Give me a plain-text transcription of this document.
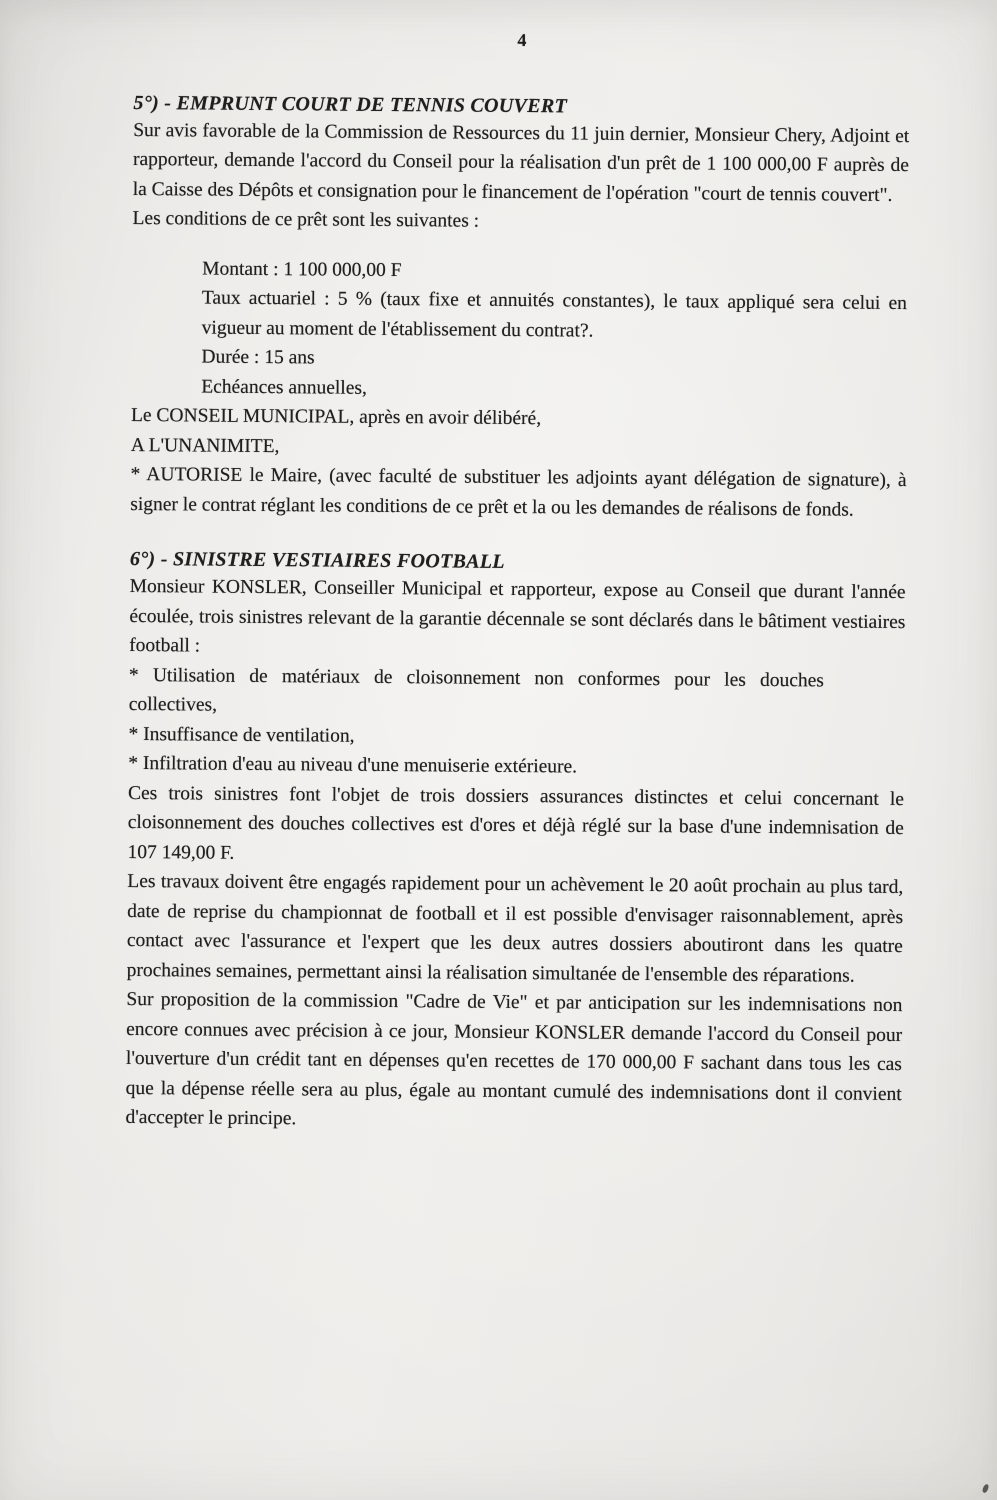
4

5°) - EMPRUNT COURT DE TENNIS COUVERT

Sur avis favorable de la Commission de Ressources du 11 juin dernier, Monsieur Chery, Adjoint et rapporteur, demande l'accord du Conseil pour la réalisation d'un prêt de 1 100 000,00 F auprès de la Caisse des Dépôts et consignation pour le financement de l'opération "court de tennis couvert".

Les conditions de ce prêt sont les suivantes :

Montant : 1 100 000,00 F

Taux actuariel : 5 % (taux fixe et annuités constantes), le taux appliqué sera celui en vigueur au moment de l'établissement du contrat?.

Durée : 15 ans

Echéances annuelles,

Le CONSEIL MUNICIPAL, après en avoir délibéré,

A L'UNANIMITE,

* AUTORISE le Maire, (avec faculté de substituer les adjoints ayant délégation de signature), à signer le contrat réglant les conditions de ce prêt et la ou les demandes de réalisons de fonds.

6°) - SINISTRE VESTIAIRES FOOTBALL

Monsieur KONSLER, Conseiller Municipal et rapporteur, expose au Conseil que durant l'année écoulée, trois sinistres relevant de la garantie décennale se sont déclarés dans le bâtiment vestiaires football :

* Utilisation de matériaux de cloisonnement non conformes pour les douches collectives,

* Insuffisance de ventilation,

* Infiltration d'eau au niveau d'une menuiserie extérieure.

Ces trois sinistres font l'objet de trois dossiers assurances distinctes et celui concernant le cloisonnement des douches collectives est d'ores et déjà réglé sur la base d'une indemnisation de 107 149,00 F.

Les travaux doivent être engagés rapidement pour un achèvement le 20 août prochain au plus tard, date de reprise du championnat de football et il est possible d'envisager raisonnablement, après contact avec l'assurance et l'expert que les deux autres dossiers aboutiront dans les quatre prochaines semaines, permettant ainsi la réalisation simultanée de l'ensemble des réparations.

Sur proposition de la commission "Cadre de Vie" et par anticipation sur les indemnisations non encore connues avec précision à ce jour, Monsieur KONSLER demande l'accord du Conseil pour l'ouverture d'un crédit tant en dépenses qu'en recettes de 170 000,00 F sachant dans tous les cas que la dépense réelle sera au plus, égale au montant cumulé des indemnisations dont il convient d'accepter le principe.
